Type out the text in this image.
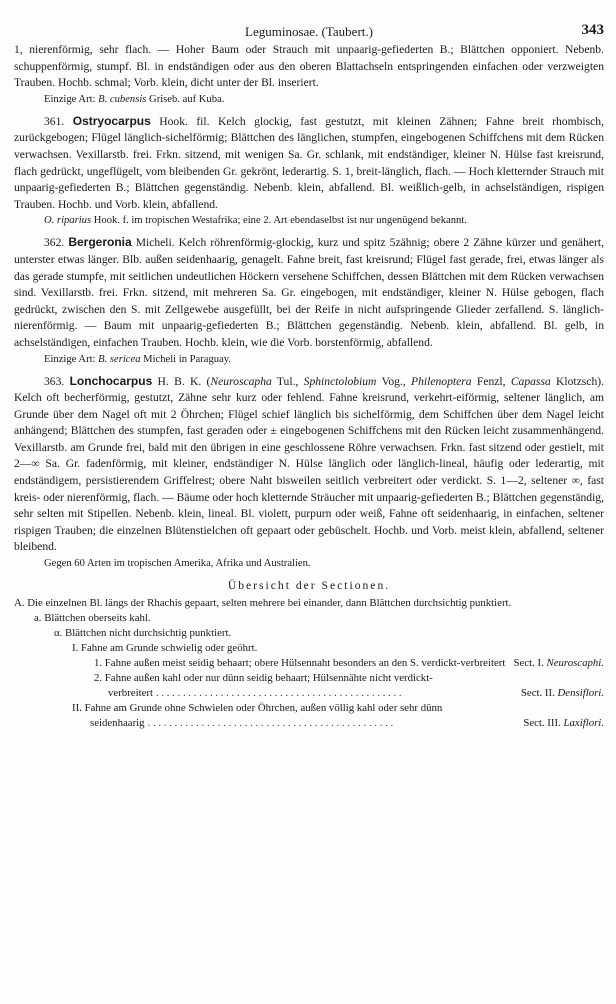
Leguminosae. (Taubert.)	343

1, nierenförmig, sehr flach. — Hoher Baum oder Strauch mit unpaarig-gefiederten B.; Blättchen opponiert. Nebenb. schuppenförmig, stumpf. Bl. in endständigen oder aus den oberen Blattachseln entspringenden einfachen oder verzweigten Trauben. Hochb. schmal; Vorb. klein, dicht unter der Bl. inseriert.

Einzige Art: B. cubensis Griseb. auf Kuba.

361. Ostryocarpus Hook. fil. Kelch glockig, fast gestutzt, mit kleinen Zähnen; Fahne breit rhombisch, zurückgebogen; Flügel länglich-sichelförmig; Blättchen des länglichen, stumpfen, eingebogenen Schiffchens mit dem Rücken verwachsen. Vexillarstb. frei. Frkn. sitzend, mit wenigen Sa. Gr. schlank, mit endständiger, kleiner N. Hülse fast kreisrund, flach gedrückt, ungeflügelt, vom bleibenden Gr. gekrönt, lederartig. S. 1, breit-länglich, flach. — Hoch kletternder Strauch mit unpaarig-gefiederten B.; Blättchen gegenständig. Nebenb. klein, abfallend. Bl. weißlich-gelb, in achselständigen, rispigen Trauben. Hochb. und Vorb. klein, abfallend.

O. riparius Hook. f. im tropischen Westafrika; eine 2. Art ebendaselbst ist nur ungenügend bekannt.

362. Bergeronia Micheli. Kelch röhrenförmig-glockig, kurz und spitz 5zähnig; obere 2 Zähne kürzer und genähert, unterster etwas länger. Blb. außen seidenhaarig, genagelt. Fahne breit, fast kreisrund; Flügel fast gerade, frei, etwas länger als das gerade stumpfe, mit seitlichen undeutlichen Höckern versehene Schiffchen, dessen Blättchen mit dem Rücken verwachsen sind. Vexillarstb. frei. Frkn. sitzend, mit mehreren Sa. Gr. eingebogen, mit endständiger, kleiner N. Hülse gebogen, flach gedrückt, zwischen den S. mit Zellgewebe ausgefüllt, bei der Reife in nicht aufspringende Glieder zerfallend. S. länglich-nierenförmig. — Baum mit unpaarig-gefiederten B.; Blättchen gegenständig. Nebenb. klein, abfallend. Bl. gelb, in achselständigen, einfachen Trauben. Hochb. klein, wie die Vorb. borstenförmig, abfallend.

Einzige Art: B. sericea Micheli in Paraguay.

363. Lonchocarpus H. B. K. (Neuroscapha Tul., Sphinctolobium Vog., Philenoptera Fenzl, Capassa Klotzsch). Kelch oft becherförmig, gestutzt, Zähne sehr kurz oder fehlend. Fahne kreisrund, verkehrt-eiförmig, seltener länglich, am Grunde über dem Nagel oft mit 2 Öhrchen; Flügel schief länglich bis sichelförmig, dem Schiffchen über dem Nagel leicht anhängend; Blättchen des stumpfen, fast geraden oder ± eingebogenen Schiffchens mit den Rücken leicht zusammenhängend. Vexillarstb. am Grunde frei, bald mit den übrigen in eine geschlossene Röhre verwachsen. Frkn. fast sitzend oder gestielt, mit 2—∞ Sa. Gr. fadenförmig, mit kleiner, endständiger N. Hülse länglich oder länglich-lineal, häufig oder lederartig, mit endständigem, persistierendem Griffelrest; obere Naht bisweilen seitlich verbreitert oder verdickt. S. 1—2, seltener ∞, fast kreis- oder nierenförmig, flach. — Bäume oder hoch kletternde Sträucher mit unpaarig-gefiederten B.; Blättchen gegenständig, sehr selten mit Stipellen. Nebenb. klein, lineal. Bl. violett, purpurn oder weiß, Fahne oft seidenhaarig, in einfachen, seltener rispigen Trauben; die einzelnen Blütenstielchen oft gepaart oder gebüschelt. Hochb. und Vorb. meist klein, abfallend, seltener bleibend.

Gegen 60 Arten im tropischen Amerika, Afrika und Australien.

Übersicht der Sectionen.

A. Die einzelnen Bl. längs der Rhachis gepaart, selten mehrere bei einander, dann Blättchen durchsichtig punktiert.

a. Blättchen oberseits kahl.

α. Blättchen nicht durchsichtig punktiert.

I. Fahne am Grunde schwielig oder geöhrt.

1. Fahne außen meist seidig behaart; obere Hülsennaht besonders an den S. verdickt-verbreitert Sect. I. Neuroscaphi.

2. Fahne außen kahl oder nur dünn seidig behaart; Hülsennähte nicht verdickt-

verbreitert . . .	Sect. II. Densiflori.

II. Fahne am Grunde ohne Schwielen oder Öhrchen, außen völlig kahl oder sehr dünn

seidenhaarig . . .	Sect. III. Laxiflori.
